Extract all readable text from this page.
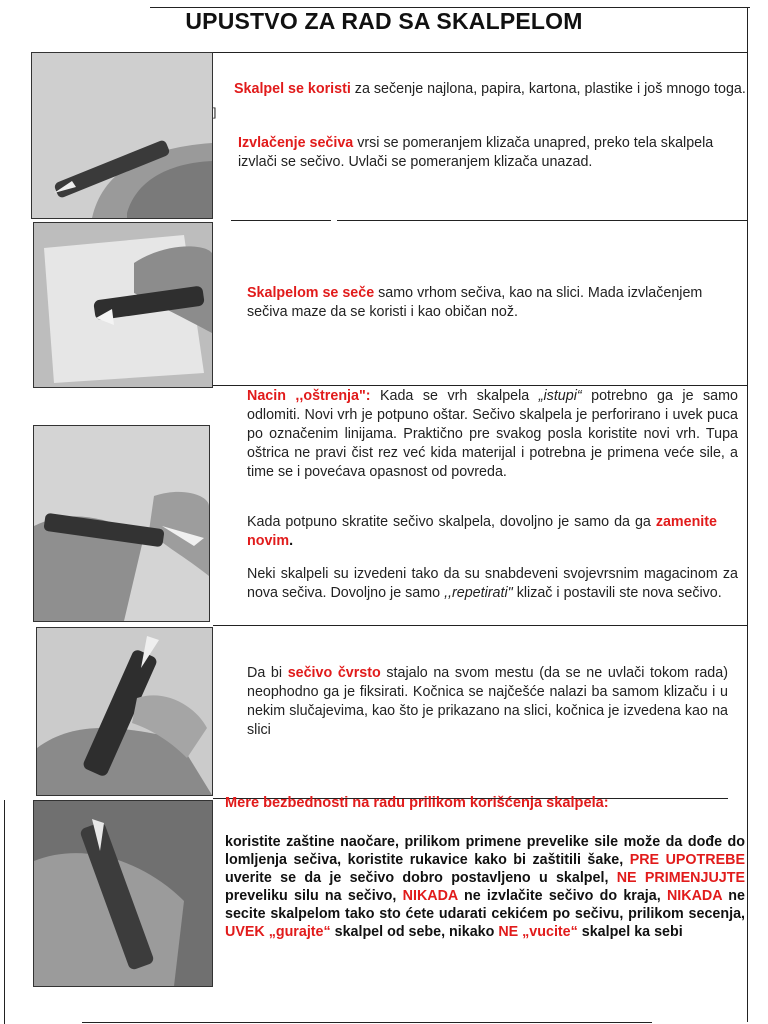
UPUSTVO ZA RAD SA SKALPELOM
Skalpel se koristi za sečenje najlona, papira, kartona, plastike i još mnogo toga.
]
Izvlačenje sečiva vrsi se pomeranjem klizača unapred, preko tela skalpela izvlači se sečivo. Uvlači se pomeranjem klizača unazad.
Skalpelom se seče samo vrhom sečiva, kao na slici. Mada izvlačenjem sečiva maze da se koristi i kao običan nož.
Nacin ,,oštrenja": Kada se vrh skalpela „istupi“ potrebno ga je samo odlomiti. Novi vrh je potpuno oštar. Sečivo skalpela je perforirano i uvek puca po označenim linijama. Praktično pre svakog posla koristite novi vrh. Tupa oštrica ne pravi čist rez već kida materijal i potrebna je primena veće sile, a time se i povećava opasnost od povreda.
Kada potpuno skratite sečivo skalpela, dovoljno je samo da ga zamenite novim.
Neki skalpeli su izvedeni tako da su snabdeveni svojevrsnim magacinom za nova sečiva. Dovoljno je samo ,,repetirati" klizač i postavili ste nova sečivo.
Da bi sečivo čvrsto stajalo na svom mestu (da se ne uvlači tokom rada) neophodno ga je fiksirati. Kočnica se najčešće nalazi ba samom klizaču i u nekim slučajevima, kao što je prikazano na slici, kočnica je izvedena kao na slici
Mere bezbednosti na radu prilikom korišćenja skalpela:
koristite zaštine naočare, prilikom primene prevelike sile može da dođe do lomljenja sečiva, koristite rukavice kako bi zaštitili šake, PRE UPOTREBE uverite se da je sečivo dobro postavljeno u skalpel, NE PRIMENJUJTE preveliku silu na sečivo, NIKADA ne izvlačite sečivo do kraja, NIKADA ne secite skalpelom tako sto ćete udarati cekićem po sečivu, prilikom secenja, UVEK „gurajte“ skalpel od sebe, nikako NE „vucite“ skalpel ka sebi
